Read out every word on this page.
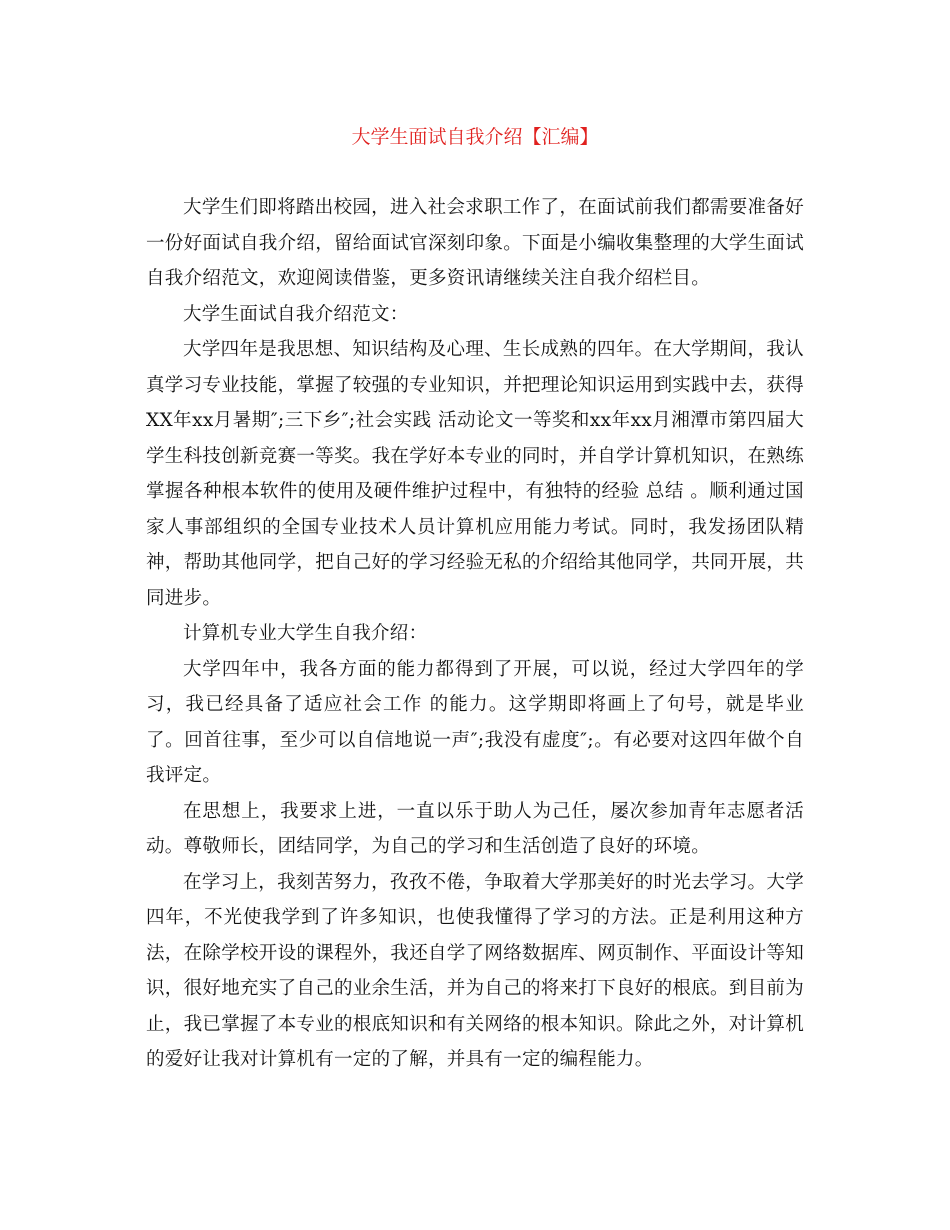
大学生面试自我介绍【汇编】

大学生们即将踏出校园，进入社会求职工作了，在面试前我们都需要准备好一份好面试自我介绍，留给面试官深刻印象。下面是小编收集整理的大学生面试自我介绍范文，欢迎阅读借鉴，更多资讯请继续关注自我介绍栏目。

大学生面试自我介绍范文：

大学四年是我思想、知识结构及心理、生长成熟的四年。在大学期间，我认真学习专业技能，掌握了较强的专业知识，并把理论知识运用到实践中去，获得XX年xx月暑期″;三下乡″;社会实践 活动论文一等奖和xx年xx月湘潭市第四届大学生科技创新竞赛一等奖。我在学好本专业的同时，并自学计算机知识，在熟练掌握各种根本软件的使用及硬件维护过程中，有独特的经验 总结 。顺利通过国家人事部组织的全国专业技术人员计算机应用能力考试。同时，我发扬团队精神，帮助其他同学，把自己好的学习经验无私的介绍给其他同学，共同开展，共同进步。

计算机专业大学生自我介绍：

大学四年中，我各方面的能力都得到了开展，可以说，经过大学四年的学习，我已经具备了适应社会工作 的能力。这学期即将画上了句号，就是毕业了。回首往事，至少可以自信地说一声″;我没有虚度″;。有必要对这四年做个自我评定。

在思想上，我要求上进，一直以乐于助人为己任，屡次参加青年志愿者活动。尊敬师长，团结同学，为自己的学习和生活创造了良好的环境。

在学习上，我刻苦努力，孜孜不倦，争取着大学那美好的时光去学习。大学四年，不光使我学到了许多知识，也使我懂得了学习的方法。正是利用这种方法，在除学校开设的课程外，我还自学了网络数据库、网页制作、平面设计等知识，很好地充实了自己的业余生活，并为自己的将来打下良好的根底。到目前为止，我已掌握了本专业的根底知识和有关网络的根本知识。除此之外，对计算机的爱好让我对计算机有一定的了解，并具有一定的编程能力。
